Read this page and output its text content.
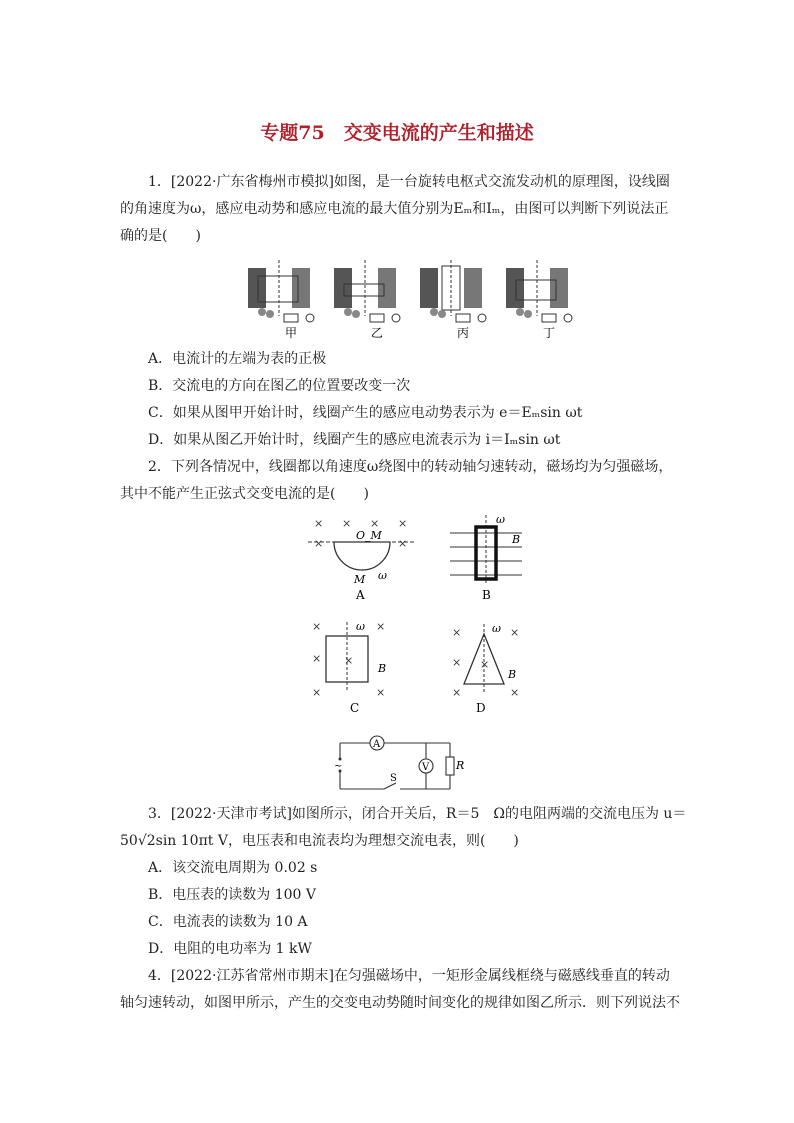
专题75　交变电流的产生和描述
1．[2022·广东省梅州市模拟]如图，是一台旋转电枢式交流发动机的原理图，设线圈
的角速度为ω，感应电动势和感应电流的最大值分别为Eₘ和Iₘ，由图可以判断下列说法正
确的是(　　)
甲	乙	丙	丁
A．电流计的左端为表的正极
B．交流电的方向在图乙的位置要改变一次
C．如果从图甲开始计时，线圈产生的感应电动势表示为 e＝Eₘsin ωt
D．如果从图乙开始计时，线圈产生的感应电流表示为 i＝Iₘsin ωt
2．下列各情况中，线圈都以角速度ω绕图中的转动轴匀速转动，磁场均为匀强磁场，
其中不能产生正弦式交变电流的是(　　)
× × × ×
×	×
O_M
M ω
A
ω
B
B
×	×
× ×
×	×
ω
B
C
×	×
× ×
×	×
ω
B
D
~
A
V R
S
3．[2022·天津市考试]如图所示，闭合开关后，R＝5　Ω的电阻两端的交流电压为 u＝
50√2sin 10πt V，电压表和电流表均为理想交流电表，则(　　)
A．该交流电周期为 0.02 s
B．电压表的读数为 100 V
C．电流表的读数为 10 A
D．电阻的电功率为 1 kW
4．[2022·江苏省常州市期末]在匀强磁场中，一矩形金属线框绕与磁感线垂直的转动
轴匀速转动，如图甲所示，产生的交变电动势随时间变化的规律如图乙所示．则下列说法不
